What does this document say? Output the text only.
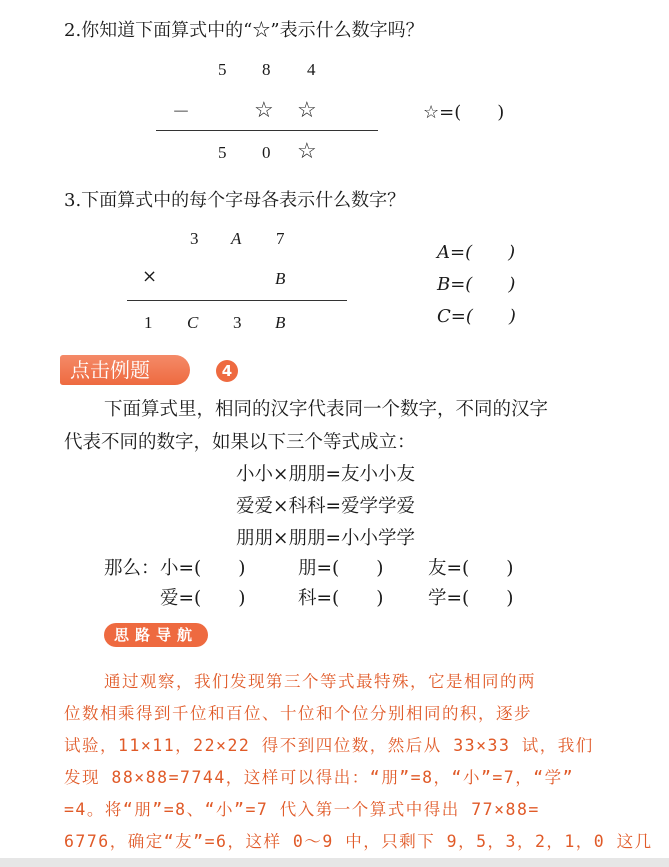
2.你知道下面算式中的“☆”表示什么数字吗？
5 8 4
－	☆ ☆
5 0 ☆
☆=(　　)
3.下面算式中的每个字母各表示什么数字？
3 A 7
×	B
1 C 3 B
A=(　　)
B=(　　)
C=(　　)
点击例题	4
下面算式里，相同的汉字代表同一个数字，不同的汉字
代表不同的数字，如果以下三个等式成立：
小小×朋朋=友小小友
爱爱×科科=爱学学爱
朋朋×朋朋=小小学学
那么： 小=(　　)	朋=(　　) 友=(　　)
爱=(　　)	科=(　　) 学=(　　)
思路导航
通过观察，我们发现第三个等式最特殊，它是相同的两
位数相乘得到千位和百位、十位和个位分别相同的积，逐步
试验，11×11，22×22 得不到四位数，然后从 33×33 试，我们
发现 88×88=7744，这样可以得出：“朋”=8，“小”=7，“学”
=4。将“朋”=8、“小”=7 代入第一个算式中得出 77×88=
6776，确定“友”=6，这样 0～9 中，只剩下 9，5，3，2，1，0 这几
